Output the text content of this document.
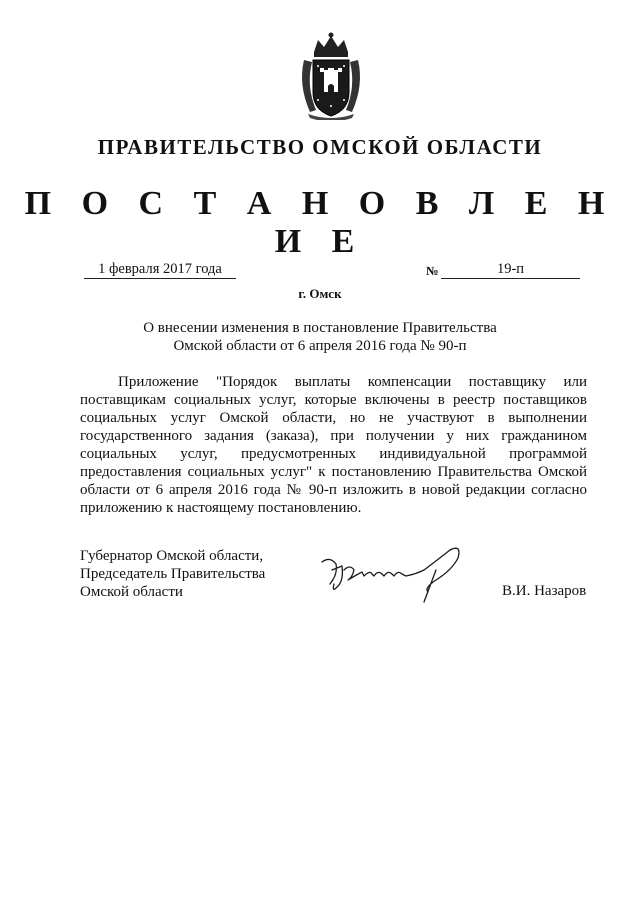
ПРАВИТЕЛЬСТВО ОМСКОЙ ОБЛАСТИ
П О С Т А Н О В Л Е Н И Е
1 февраля 2017 года	№	19-п
г. Омск
О внесении изменения в постановление Правительства
Омской области от 6 апреля 2016 года № 90-п

Приложение "Порядок выплаты компенсации поставщику или поставщикам социальных услуг, которые включены в реестр поставщиков социальных услуг Омской области, но не участвуют в выполнении государственного задания (заказа), при получении у них гражданином социальных услуг, предусмотренных индивидуальной программой предоставления социальных услуг" к постановлению Правительства Омской области от 6 апреля 2016 года № 90-п изложить в новой редакции согласно приложению к настоящему постановлению.

Губернатор Омской области,
Председатель Правительства
Омской области	В.И. Назаров
